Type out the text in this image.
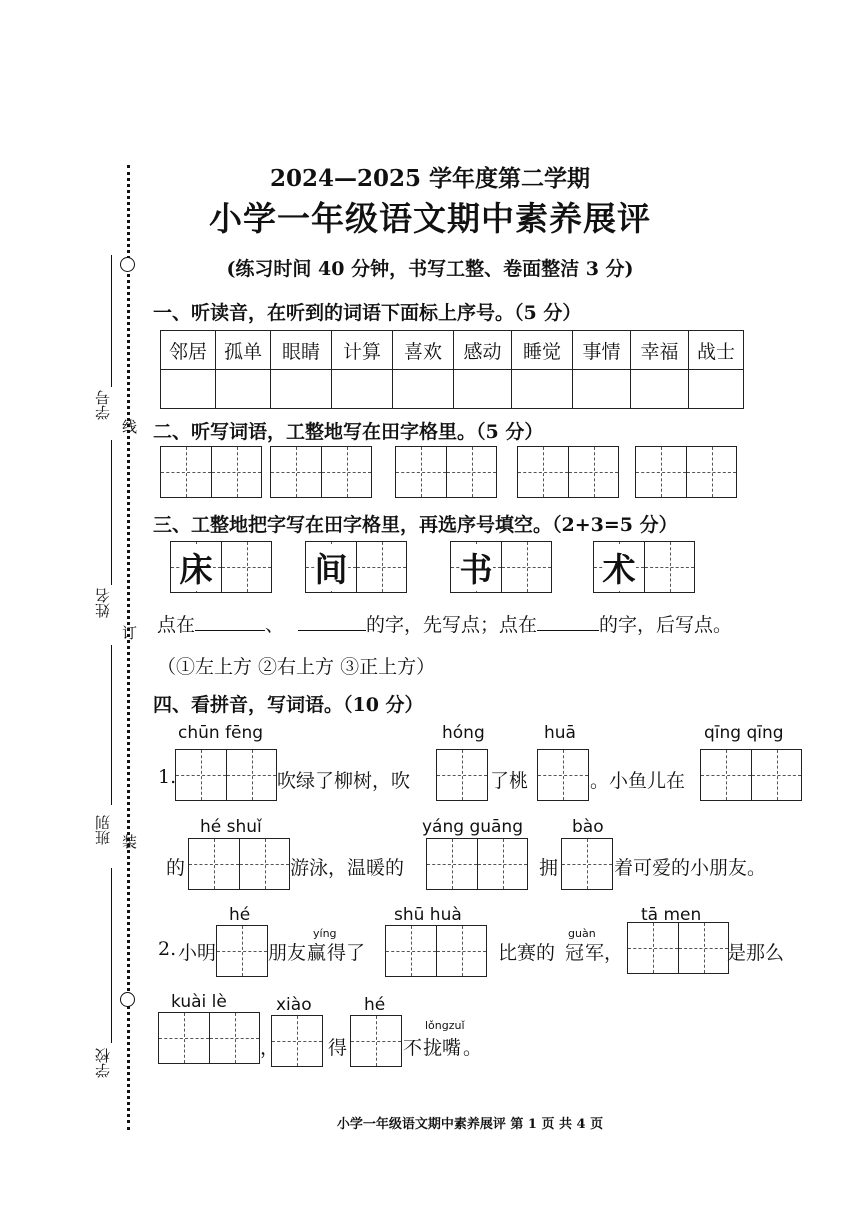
线
订
装
学号
姓名
班别
学校
2024—2025 学年度第二学期
小学一年级语文期中素养展评
(练习时间 40 分钟，书写工整、卷面整洁 3 分)
一、听读音，在听到的词语下面标上序号。（5 分）
邻居	孤单	眼睛	计算	喜欢	感动	睡觉	事情	幸福	战士

二、听写词语，工整地写在田字格里。（5 分）
三、工整地把字写在田字格里，再选序号填空。（2+3=5 分）
床	间	书	术
点在	、	的字，先写点；点在	的字，后写点。
（①左上方 ②右上方 ③正上方）
四、看拼音，写词语。（10 分）
chūn fēng
1.	吹绿了柳树，吹
hóng
了桃
huā
。小鱼儿在
qīng qīng
hé shuǐ
的	游泳，温暖的
yáng guāng
拥
bào
着可爱的小朋友。
2. 小明
hé
朋友
yíng
赢 得了
shū huà
比赛的
guàn
冠 军，
tā men
是那么
kuài lè
，
xiào
得
hé
不
lǒngzuǐ
拢嘴 。
小学一年级语文期中素养展评 第 1 页 共 4 页
